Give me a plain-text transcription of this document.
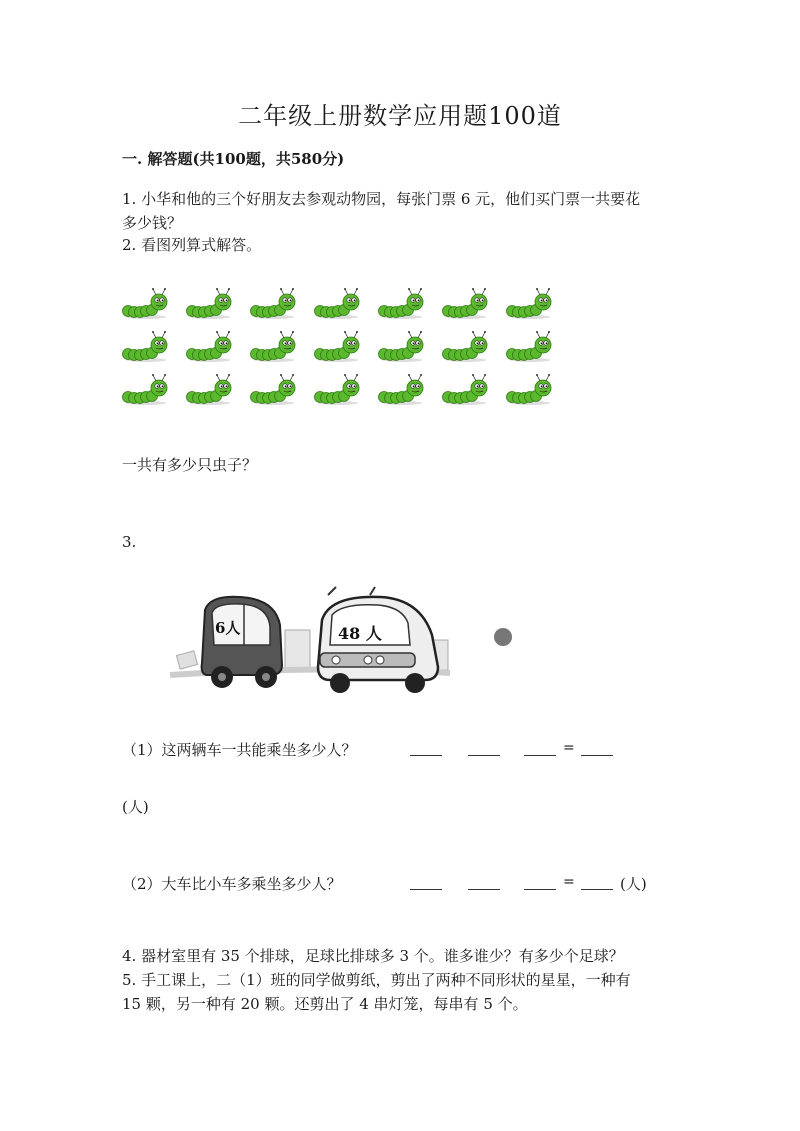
二年级上册数学应用题100道
一. 解答题(共100题，共580分)
1. 小华和他的三个好朋友去参观动物园，每张门票 6 元，他们买门票一共要花
多少钱？
2. 看图列算式解答。
一共有多少只虫子？
3.
6人	48 人
（1）这两辆车一共能乘坐多少人？	=
(人)
（2）大车比小车多乘坐多少人？	=	(人)
4. 器材室里有 35 个排球，足球比排球多 3 个。谁多谁少？有多少个足球？
5. 手工课上，二（1）班的同学做剪纸，剪出了两种不同形状的星星，一种有
15 颗，另一种有 20 颗。还剪出了 4 串灯笼，每串有 5 个。
